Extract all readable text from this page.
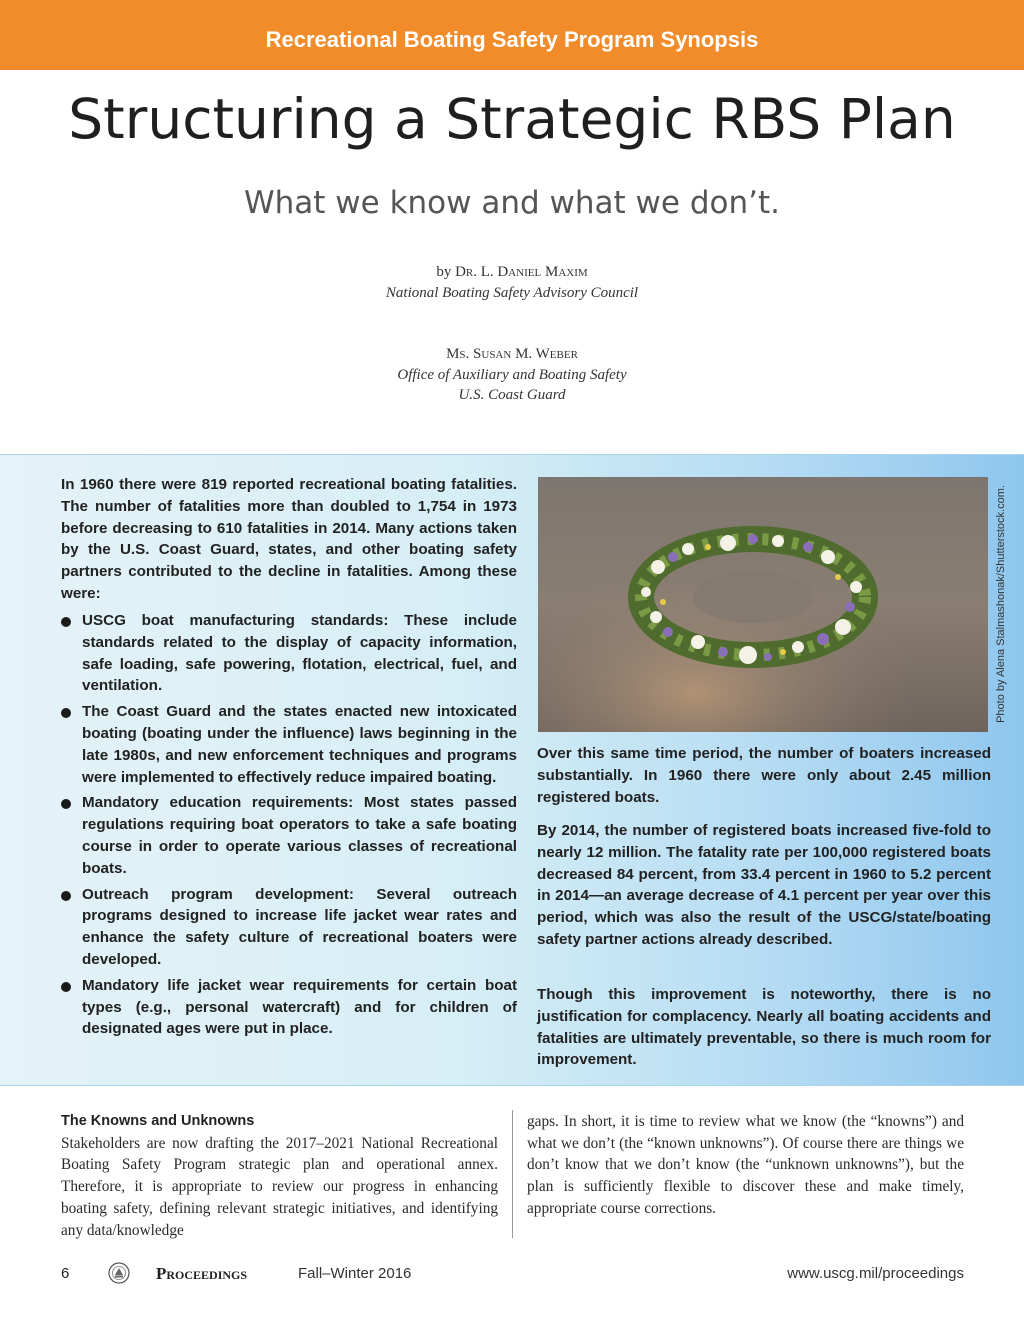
Recreational Boating Safety Program Synopsis
Structuring a Strategic RBS Plan
What we know and what we don’t.
by Dr. L. Daniel Maxim
National Boating Safety Advisory Council
Ms. Susan M. Weber
Office of Auxiliary and Boating Safety
U.S. Coast Guard
In 1960 there were 819 reported recreational boating fatalities. The number of fatalities more than doubled to 1,754 in 1973 before decreasing to 610 fatalities in 2014. Many actions taken by the U.S. Coast Guard, states, and other boating safety partners contributed to the decline in fatalities. Among these were:
USCG boat manufacturing standards: These include standards related to the display of capacity information, safe loading, safe powering, flotation, electrical, fuel, and ventilation.
The Coast Guard and the states enacted new intoxicated boating (boating under the influence) laws beginning in the late 1980s, and new enforcement techniques and programs were implemented to effectively reduce impaired boating.
Mandatory education requirements: Most states passed regulations requiring boat operators to take a safe boating course in order to operate various classes of recreational boats.
Outreach program development: Several outreach programs designed to increase life jacket wear rates and enhance the safety culture of recreational boaters were developed.
Mandatory life jacket wear requirements for certain boat types (e.g., personal watercraft) and for children of designated ages were put in place.
Photo by Alena Stalmashonak/Shutterstock.com.
Over this same time period, the number of boaters increased substantially. In 1960 there were only about 2.45 million registered boats.
By 2014, the number of registered boats increased five-fold to nearly 12 million. The fatality rate per 100,000 registered boats decreased 84 percent, from 33.4 percent in 1960 to 5.2 percent in 2014—an average decrease of 4.1 percent per year over this period, which was also the result of the USCG/state/boating safety partner actions already described.
Though this improvement is noteworthy, there is no justification for complacency. Nearly all boating accidents and fatalities are ultimately preventable, so there is much room for improvement.
The Knowns and Unknowns
Stakeholders are now drafting the 2017–2021 National Recreational Boating Safety Program strategic plan and operational annex. Therefore, it is appropriate to review our progress in enhancing boating safety, defining relevant strategic initiatives, and identifying any data/knowledge
gaps. In short, it is time to review what we know (the “knowns”) and what we don’t (the “known unknowns”). Of course there are things we don’t know that we don’t know (the “unknown unknowns”), but the plan is sufficiently flexible to discover these and make timely, appropriate course corrections.
6	Proceedings	Fall–Winter 2016	www.uscg.mil/proceedings
